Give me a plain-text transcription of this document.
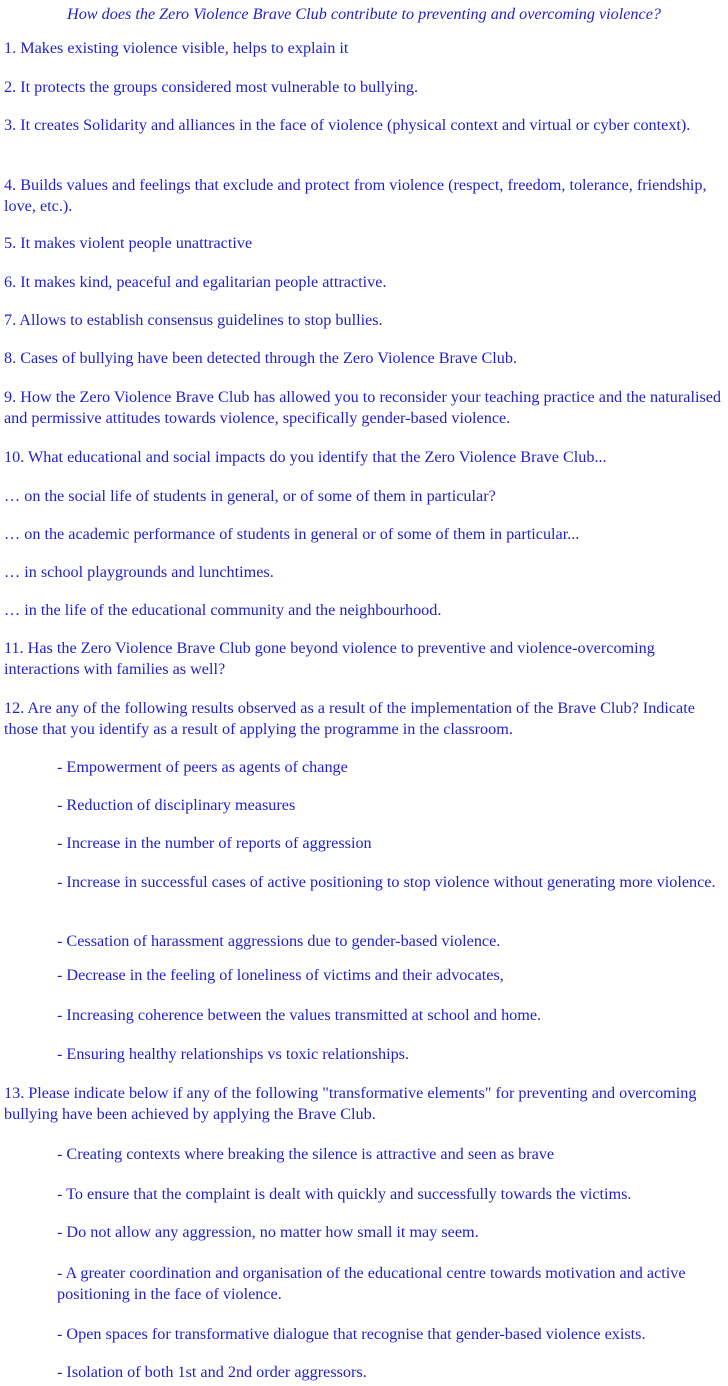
How does the Zero Violence Brave Club contribute to preventing and overcoming violence?
1. Makes existing violence visible, helps to explain it
2. It protects the groups considered most vulnerable to bullying.
3. It creates Solidarity and alliances in the face of violence (physical context and virtual or cyber context).
4. Builds values and feelings that exclude and protect from violence (respect, freedom, tolerance, friendship, love, etc.).
5. It makes violent people unattractive
6. It makes kind, peaceful and egalitarian people attractive.
7. Allows to establish consensus guidelines to stop bullies.
8. Cases of bullying have been detected through the Zero Violence Brave Club.
9. How the Zero Violence Brave Club has allowed you to reconsider your teaching practice and the naturalised and permissive attitudes towards violence, specifically gender-based violence.
10. What educational and social impacts do you identify that the Zero Violence Brave Club...
… on the social life of students in general, or of some of them in particular?
… on the academic performance of students in general or of some of them in particular...
… in school playgrounds and lunchtimes.
… in the life of the educational community and the neighbourhood.
11. Has the Zero Violence Brave Club gone beyond violence to preventive and violence-overcoming interactions with families as well?
12. Are any of the following results observed as a result of the implementation of the Brave Club? Indicate those that you identify as a result of applying the programme in the classroom.
- Empowerment of peers as agents of change
- Reduction of disciplinary measures
- Increase in the number of reports of aggression
- Increase in successful cases of active positioning to stop violence without generating more violence.
- Cessation of harassment aggressions due to gender-based violence.
- Decrease in the feeling of loneliness of victims and their advocates,
- Increasing coherence between the values transmitted at school and home.
- Ensuring healthy relationships vs toxic relationships.
13. Please indicate below if any of the following "transformative elements" for preventing and overcoming bullying have been achieved by applying the Brave Club.
- Creating contexts where breaking the silence is attractive and seen as brave
- To ensure that the complaint is dealt with quickly and successfully towards the victims.
- Do not allow any aggression, no matter how small it may seem.
- A greater coordination and organisation of the educational centre towards motivation and active positioning in the face of violence.
- Open spaces for transformative dialogue that recognise that gender-based violence exists.
- Isolation of both 1st and 2nd order aggressors.
